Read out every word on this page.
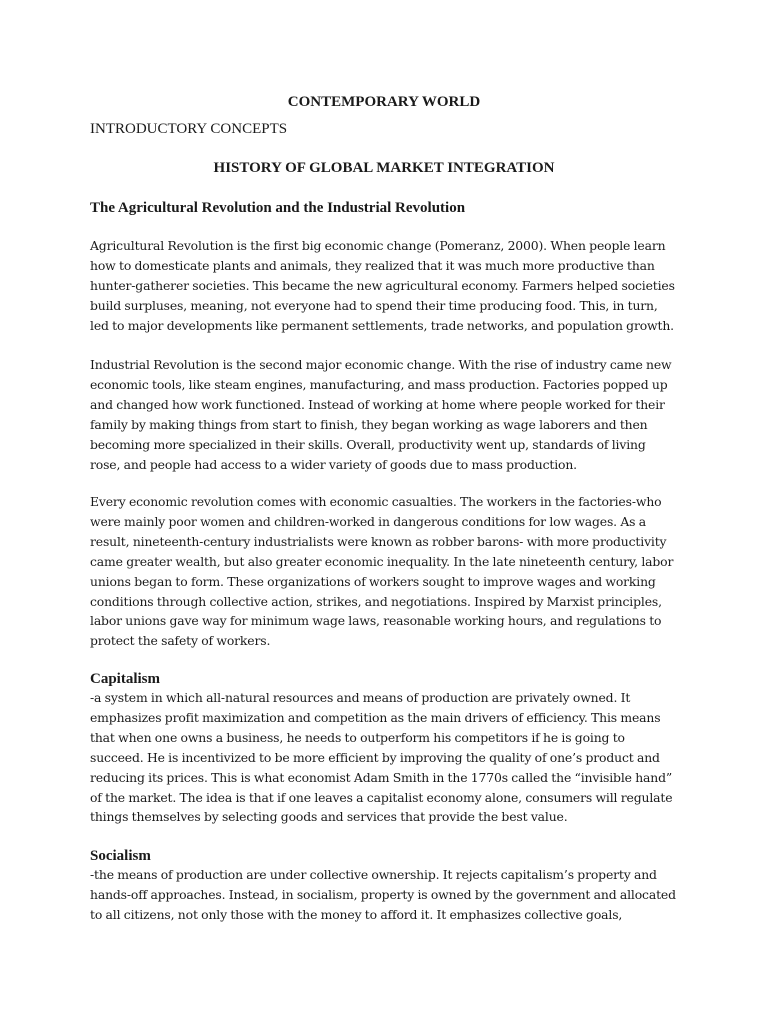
CONTEMPORARY WORLD

INTRODUCTORY CONCEPTS

HISTORY OF GLOBAL MARKET INTEGRATION
The Agricultural Revolution and the Industrial Revolution

Agricultural Revolution is the first big economic change (Pomeranz, 2000). When people learn
how to domesticate plants and animals, they realized that it was much more productive than
hunter-gatherer societies. This became the new agricultural economy. Farmers helped societies
build surpluses, meaning, not everyone had to spend their time producing food. This, in turn,
led to major developments like permanent settlements, trade networks, and population growth.

Industrial Revolution is the second major economic change. With the rise of industry came new
economic tools, like steam engines, manufacturing, and mass production. Factories popped up
and changed how work functioned. Instead of working at home where people worked for their
family by making things from start to finish, they began working as wage laborers and then
becoming more specialized in their skills. Overall, productivity went up, standards of living
rose, and people had access to a wider variety of goods due to mass production.

Every economic revolution comes with economic casualties. The workers in the factories-who
were mainly poor women and children-worked in dangerous conditions for low wages. As a
result, nineteenth-century industrialists were known as robber barons- with more productivity
came greater wealth, but also greater economic inequality. In the late nineteenth century, labor
unions began to form. These organizations of workers sought to improve wages and working
conditions through collective action, strikes, and negotiations. Inspired by Marxist principles,
labor unions gave way for minimum wage laws, reasonable working hours, and regulations to
protect the safety of workers.

Capitalism

-a system in which all-natural resources and means of production are privately owned. It
emphasizes profit maximization and competition as the main drivers of efficiency. This means
that when one owns a business, he needs to outperform his competitors if he is going to
succeed. He is incentivized to be more efficient by improving the quality of one’s product and
reducing its prices. This is what economist Adam Smith in the 1770s called the “invisible hand”
of the market. The idea is that if one leaves a capitalist economy alone, consumers will regulate
things themselves by selecting goods and services that provide the best value.

Socialism

-the means of production are under collective ownership. It rejects capitalism’s property and
hands-off approaches. Instead, in socialism, property is owned by the government and allocated
to all citizens, not only those with the money to afford it. It emphasizes collective goals,
